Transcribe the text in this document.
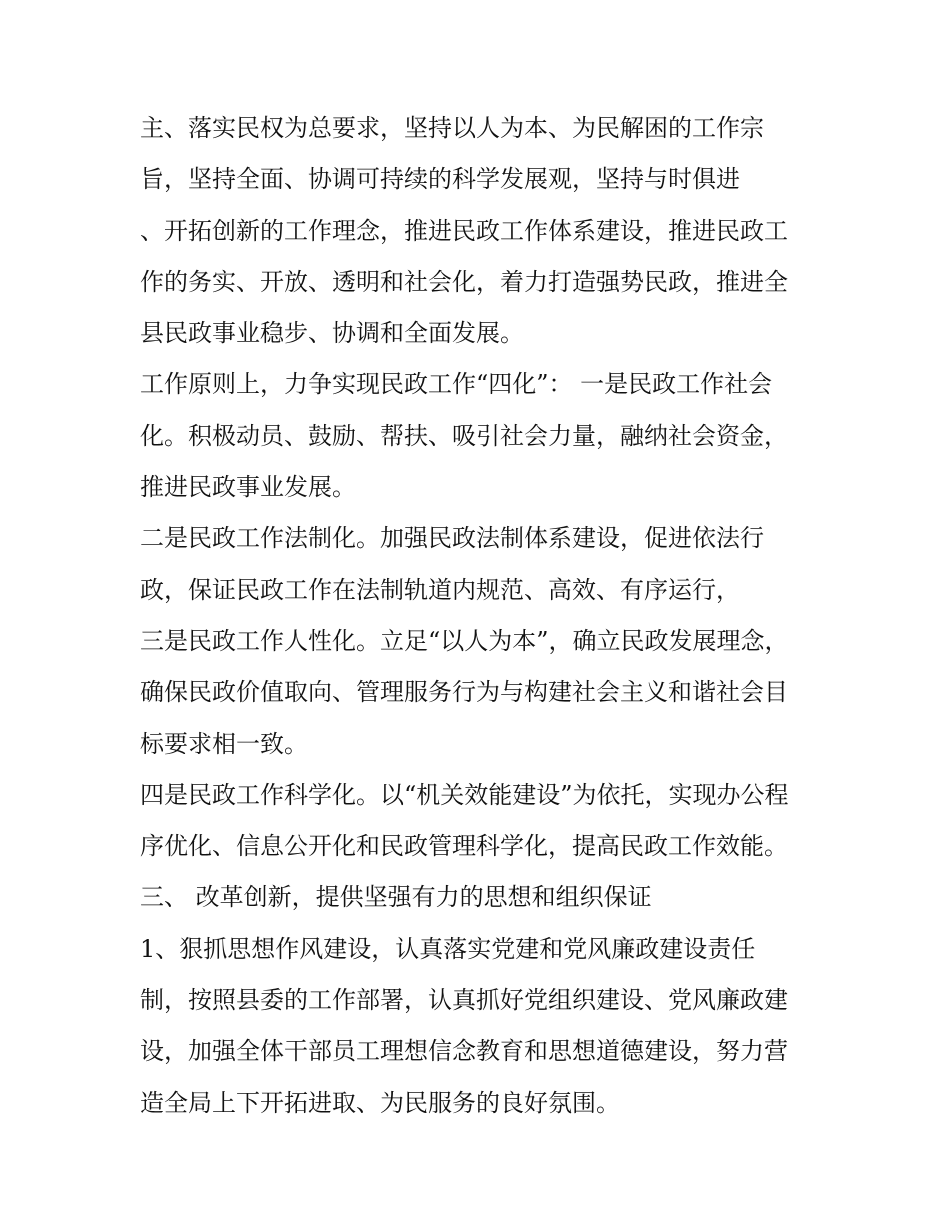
主、落实民权为总要求，坚持以人为本、为民解困的工作宗
旨，坚持全面、协调可持续的科学发展观，坚持与时俱进
、开拓创新的工作理念，推进民政工作体系建设，推进民政工
作的务实、开放、透明和社会化，着力打造强势民政，推进全
县民政事业稳步、协调和全面发展。
工作原则上，力争实现民政工作“四化”： 一是民政工作社会
化。积极动员、鼓励、帮扶、吸引社会力量，融纳社会资金，
推进民政事业发展。
二是民政工作法制化。加强民政法制体系建设，促进依法行
政，保证民政工作在法制轨道内规范、高效、有序运行，
三是民政工作人性化。立足“以人为本”，确立民政发展理念，
确保民政价值取向、管理服务行为与构建社会主义和谐社会目
标要求相一致。
四是民政工作科学化。以“机关效能建设”为依托，实现办公程
序优化、信息公开化和民政管理科学化，提高民政工作效能。
三、 改革创新，提供坚强有力的思想和组织保证
1、狠抓思想作风建设，认真落实党建和党风廉政建设责任
制，按照县委的工作部署，认真抓好党组织建设、党风廉政建
设，加强全体干部员工理想信念教育和思想道德建设，努力营
造全局上下开拓进取、为民服务的良好氛围。
